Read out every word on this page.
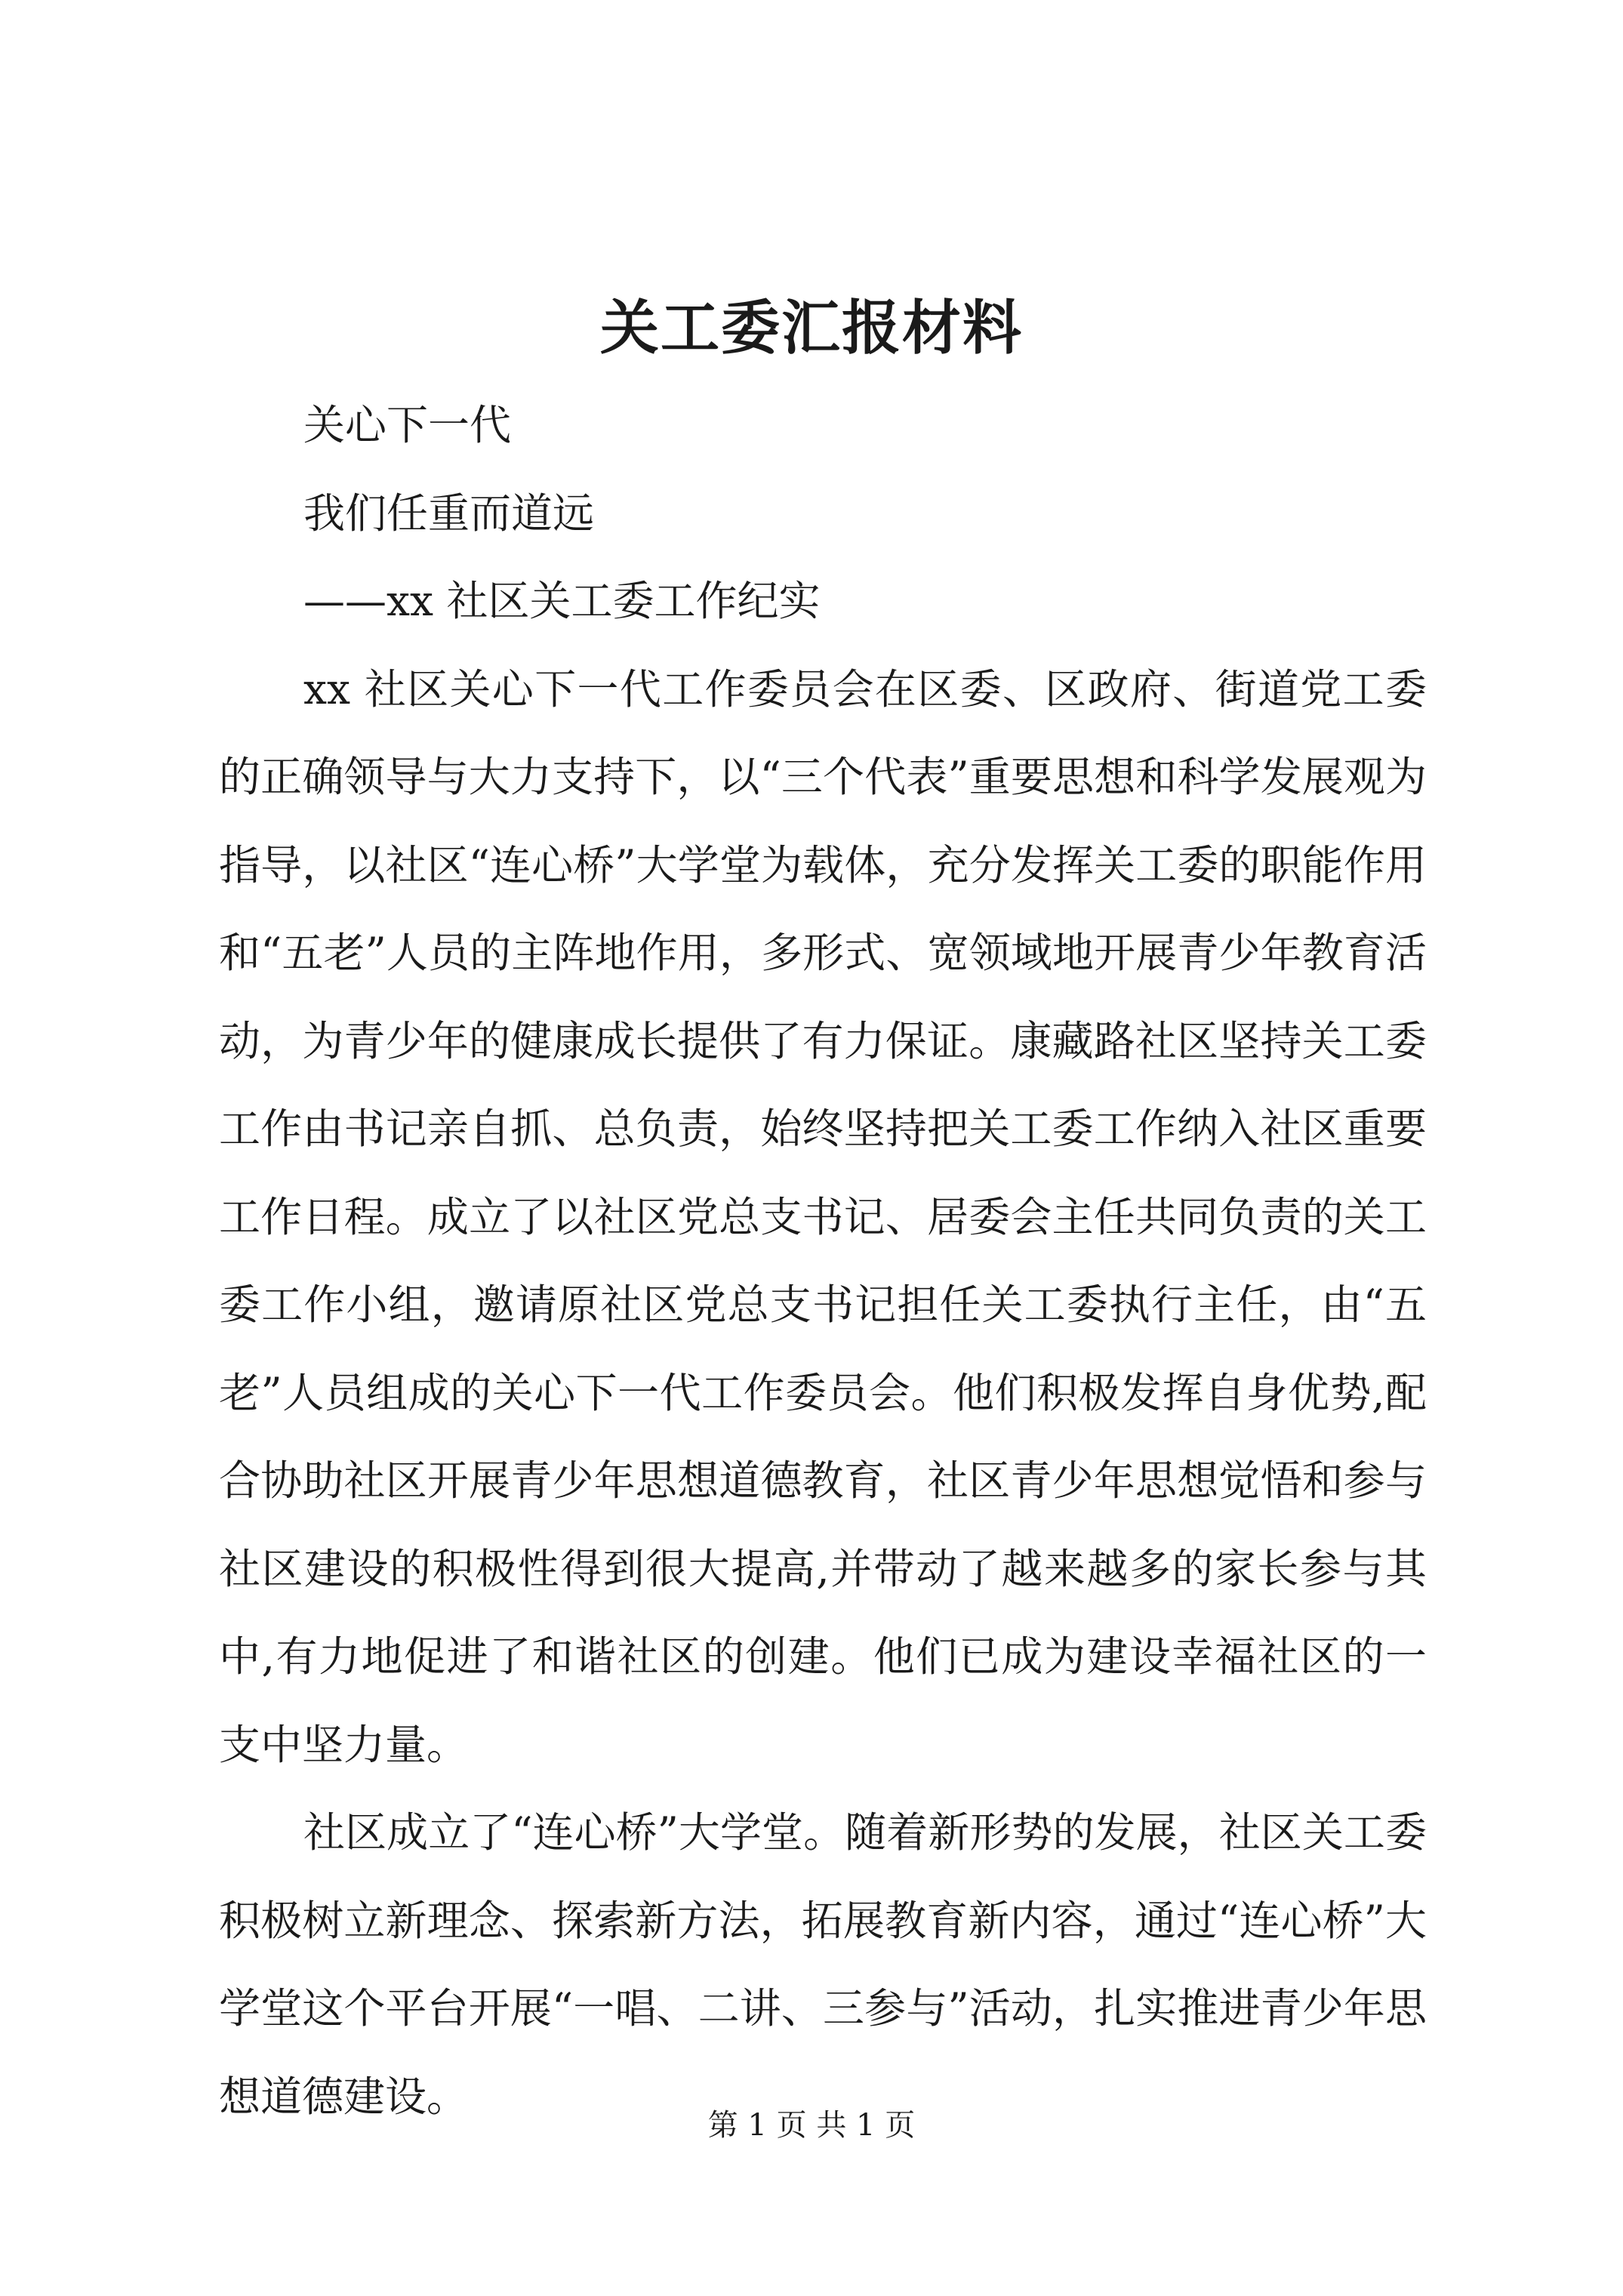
关工委汇报材料

关心下一代

我们任重而道远

——xx 社区关工委工作纪实

xx 社区关心下一代工作委员会在区委、区政府、街道党工委的正确领导与大力支持下，以“三个代表”重要思想和科学发展观为指导，以社区“连心桥”大学堂为载体，充分发挥关工委的职能作用和“五老”人员的主阵地作用，多形式、宽领域地开展青少年教育活动，为青少年的健康成长提供了有力保证。康藏路社区坚持关工委工作由书记亲自抓、总负责，始终坚持把关工委工作纳入社区重要工作日程。成立了以社区党总支书记、居委会主任共同负责的关工委工作小组，邀请原社区党总支书记担任关工委执行主任，由“五老”人员组成的关心下一代工作委员会。他们积极发挥自身优势,配合协助社区开展青少年思想道德教育，社区青少年思想觉悟和参与社区建设的积极性得到很大提高,并带动了越来越多的家长参与其中,有力地促进了和谐社区的创建。他们已成为建设幸福社区的一支中坚力量。

社区成立了“连心桥”大学堂。随着新形势的发展，社区关工委积极树立新理念、探索新方法，拓展教育新内容，通过“连心桥”大学堂这个平台开展“一唱、二讲、三参与”活动，扎实推进青少年思想道德建设。

第 1 页 共 1 页
